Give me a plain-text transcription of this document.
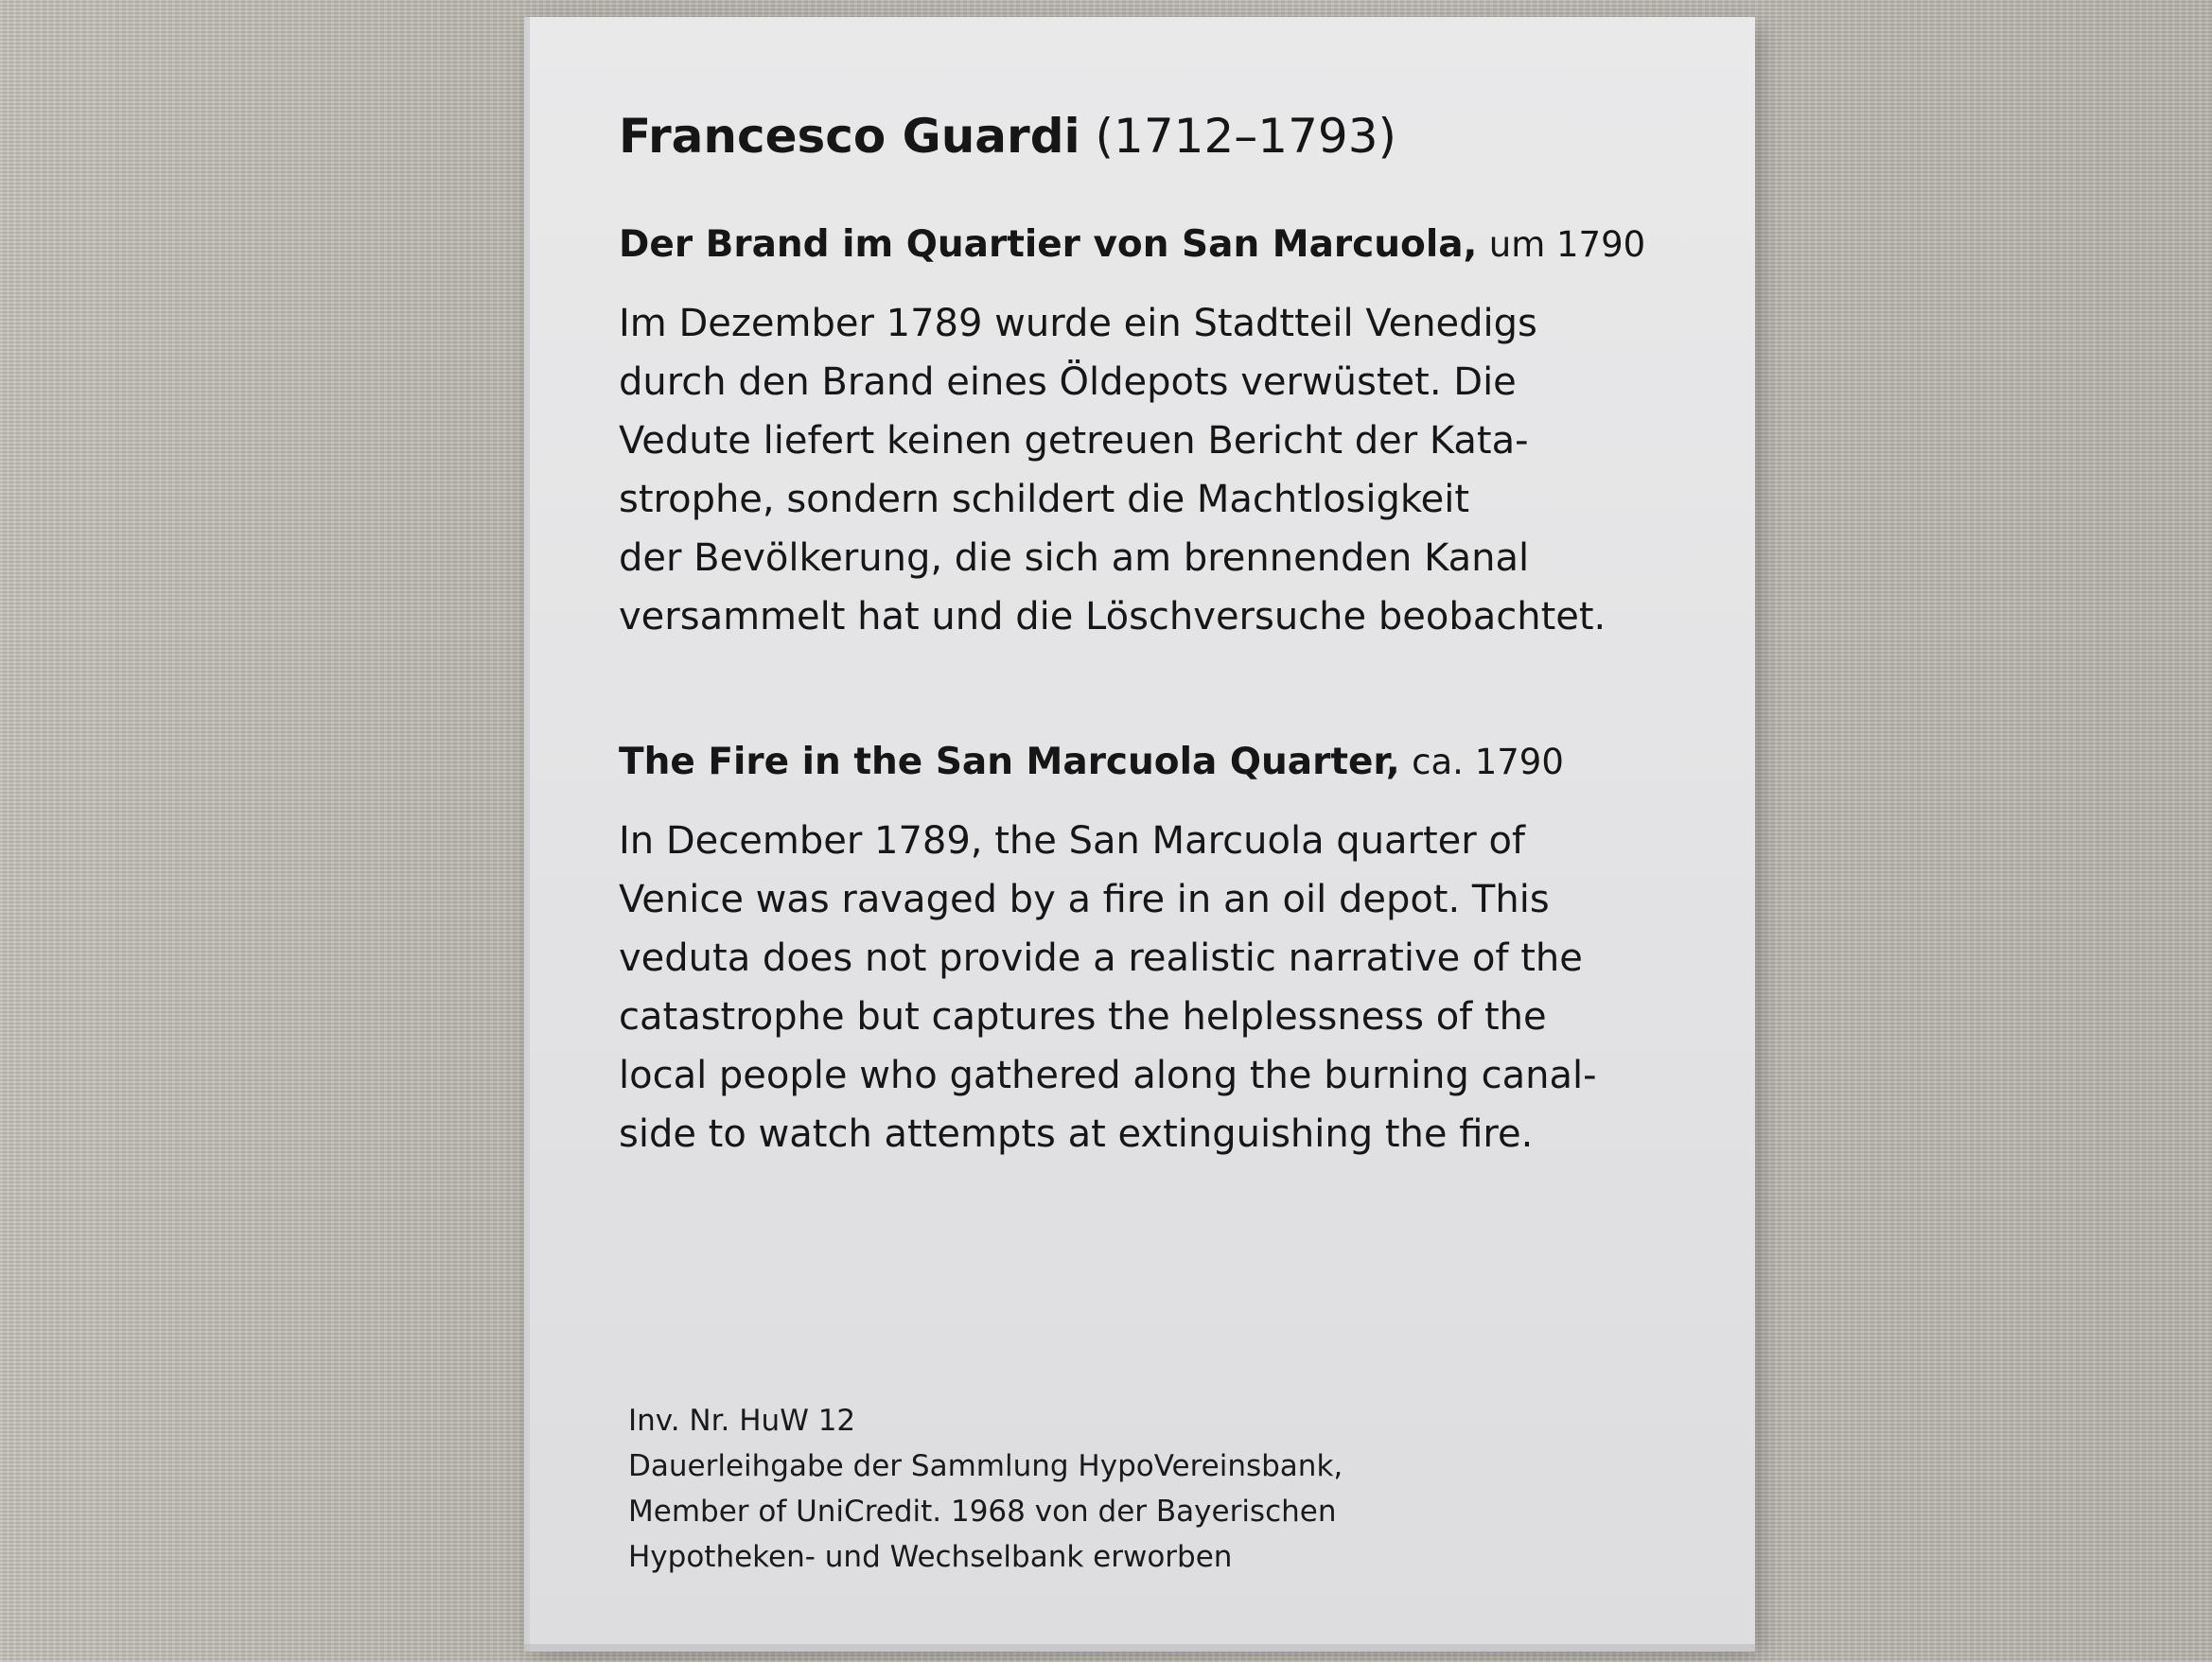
Francesco Guardi (1712–1793)
Der Brand im Quartier von San Marcuola, um 1790

Im Dezember 1789 wurde ein Stadtteil Venedigs
durch den Brand eines Öldepots verwüstet. Die
Vedute liefert keinen getreuen Bericht der Kata-
strophe, sondern schildert die Machtlosigkeit
der Bevölkerung, die sich am brennenden Kanal
versammelt hat und die Löschversuche beobachtet.

The Fire in the San Marcuola Quarter, ca. 1790

In December 1789, the San Marcuola quarter of
Venice was ravaged by a fire in an oil depot. This
veduta does not provide a realistic narrative of the
catastrophe but captures the helplessness of the
local people who gathered along the burning canal-
side to watch attempts at extinguishing the fire.

Inv. Nr. HuW 12
Dauerleihgabe der Sammlung HypoVereinsbank,
Member of UniCredit. 1968 von der Bayerischen
Hypotheken- und Wechselbank erworben
